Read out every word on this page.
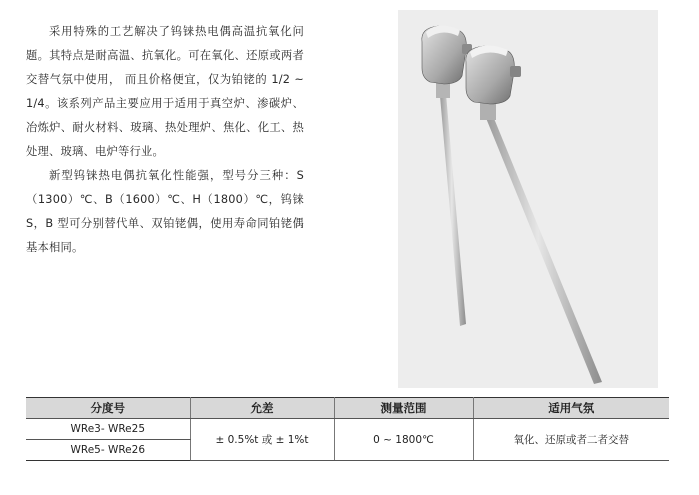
采用特殊的工艺解决了钨铼热电偶高温抗氧化问题。其特点是耐高温、抗氧化。可在氧化、还原或两者交替气氛中使用， 而且价格便宜，仅为铂铑的 1/2 ~ 1/4。该系列产品主要应用于适用于真空炉、渗碳炉、冶炼炉、耐火材料、玻璃、热处理炉、焦化、化工、热处理、玻璃、电炉等行业。

新型钨铼热电偶抗氧化性能强，型号分三种：S（1300）℃、B（1600）℃、H（1800）℃，钨铼 S，B 型可分别替代单、双铂铑偶，使用寿命同铂铑偶基本相同。

分度号	允差	测量范围	适用气氛
WRe3- WRe25	± 0.5%t 或 ± 1%t	0 ~ 1800℃	氧化、还原或者二者交替
WRe5- WRe26			
